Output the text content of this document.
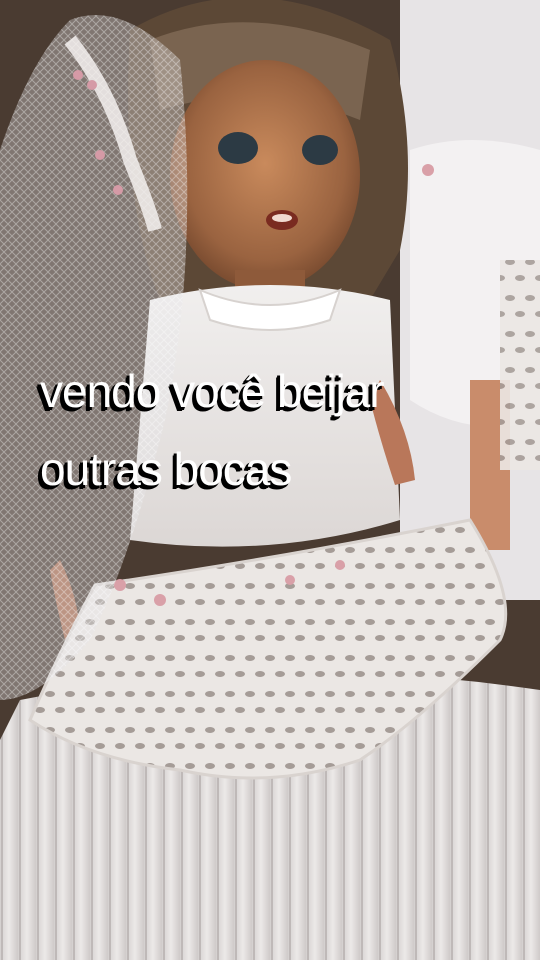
vendo você beijar
outras bocas
